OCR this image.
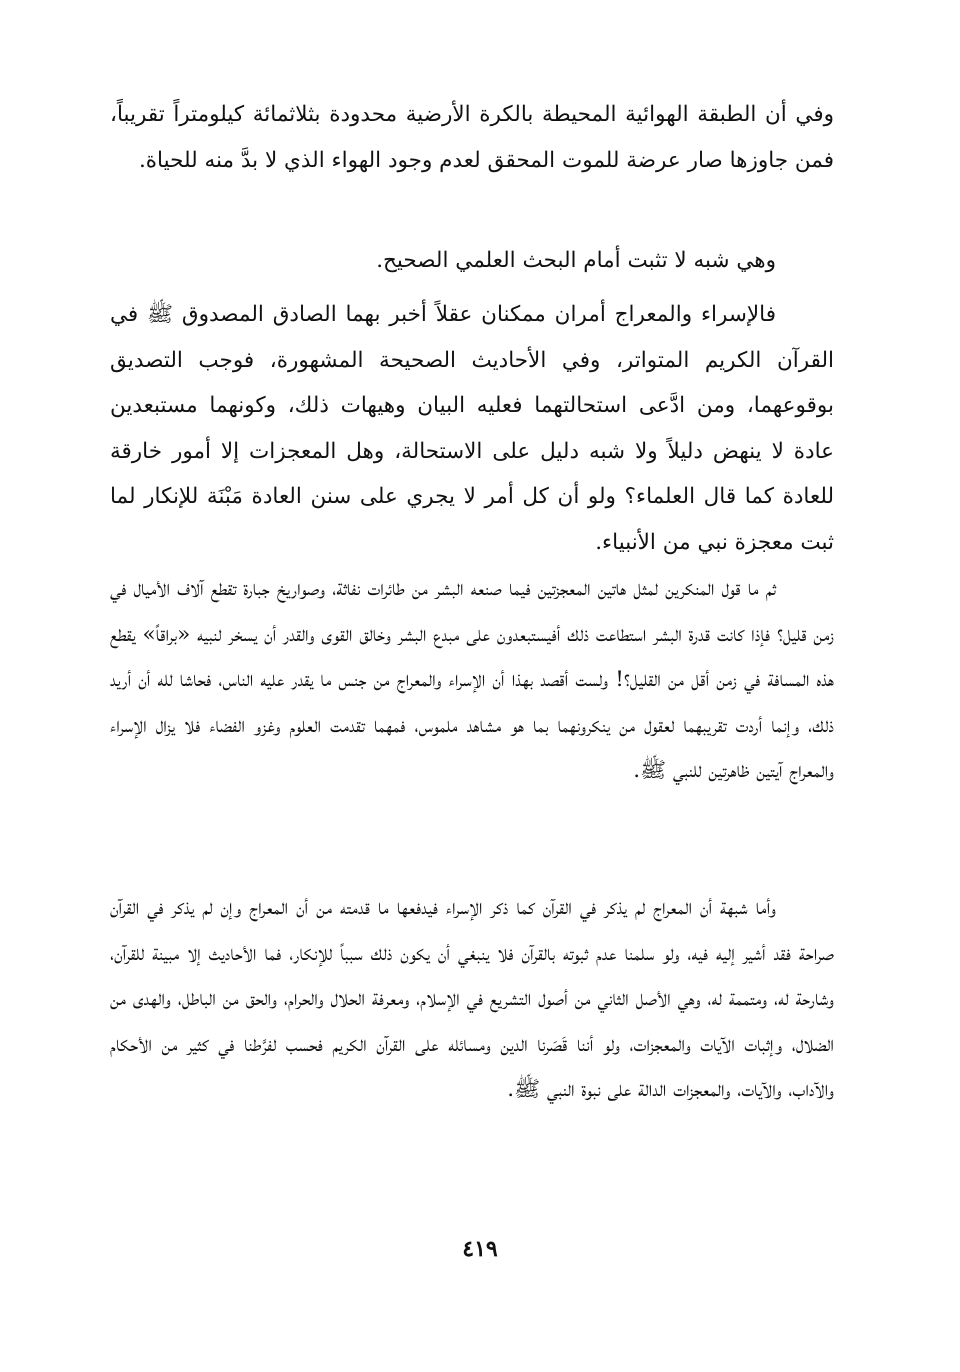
وفي أن الطبقة الهوائية المحيطة بالكرة الأرضية محدودة بثلاثمائة كيلومتراً تقريباً، فمن جاوزها صار عرضة للموت المحقق لعدم وجود الهواء الذي لا بدَّ منه للحياة.

وهي شبه لا تثبت أمام البحث العلمي الصحيح.

فالإسراء والمعراج أمران ممكنان عقلاً أخبر بهما الصادق المصدوق ﷺ في القرآن الكريم المتواتر، وفي الأحاديث الصحيحة المشهورة، فوجب التصديق بوقوعهما، ومن ادَّعى استحالتهما فعليه البيان وهيهات ذلك، وكونهما مستبعدين عادة لا ينهض دليلاً ولا شبه دليل على الاستحالة، وهل المعجزات إلا أمور خارقة للعادة كما قال العلماء؟ ولو أن كل أمر لا يجري على سنن العادة مَبْنَة للإنكار لما ثبت معجزة نبي من الأنبياء.

ثم ما قول المنكرين لمثل هاتين المعجزتين فيما صنعه البشر من طائرات نفاثة، وصواريخ جبارة تقطع آلاف الأميال في زمن قليل؟ فإذا كانت قدرة البشر استطاعت ذلك أفيستبعدون على مبدع البشر وخالق القوى والقدر أن يسخر لنبيه «براقاً» يقطع هذه المسافة في زمن أقل من القليل؟! ولست أقصد بهذا أن الإسراء والمعراج من جنس ما يقدر عليه الناس، فحاشا لله أن أريد ذلك، وإنما أردت تقريبهما لعقول من ينكرونهما بما هو مشاهد ملموس، فمهما تقدمت العلوم وغزو الفضاء فلا يزال الإسراء والمعراج آيتين ظاهرتين للنبي ﷺ.

وأما شبهة أن المعراج لم يذكر في القرآن كما ذكر الإسراء فيدفعها ما قدمته من أن المعراج وإن لم يذكر في القرآن صراحة فقد أشير إليه فيه، ولو سلمنا عدم ثبوته بالقرآن فلا ينبغي أن يكون ذلك سبباً للإنكار، فما الأحاديث إلا مبينة للقرآن، وشارحة له، ومتممة له، وهي الأصل الثاني من أصول التشريع في الإسلام، ومعرفة الحلال والحرام، والحق من الباطل، والهدى من الضلال، وإثبات الآيات والمعجزات، ولو أننا قَصَرنا الدين ومسائله على القرآن الكريم فحسب لفرَّطنا في كثير من الأحكام والآداب، والآيات، والمعجزات الدالة على نبوة النبي ﷺ.

٤١٩
